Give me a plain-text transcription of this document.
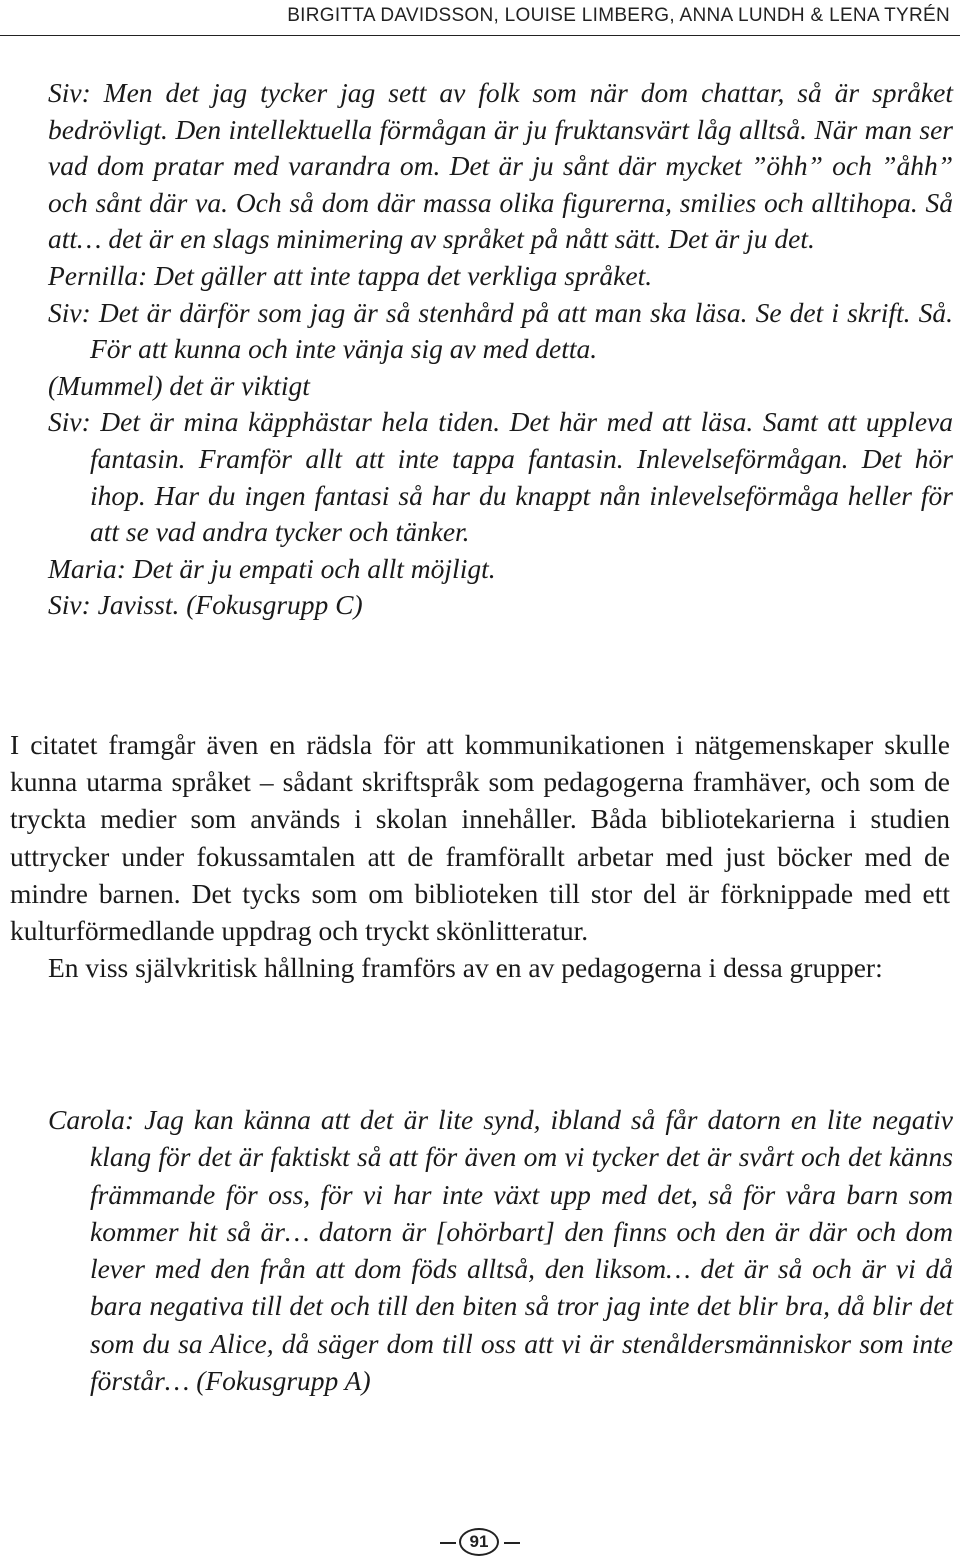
BIRGITTA DAVIDSSON, LOUISE LIMBERG, ANNA LUNDH & LENA TYRÉN

Siv: Men det jag tycker jag sett av folk som när dom chattar, så är språket bedrövligt. Den intellektuella förmågan är ju fruktansvärt låg alltså. När man ser vad dom pratar med varandra om. Det är ju sånt där mycket ”öhh” och ”åhh” och sånt där va. Och så dom där massa olika figurerna, smilies och alltihopa. Så att… det är en slags minimering av språket på nått sätt. Det är ju det.

Pernilla: Det gäller att inte tappa det verkliga språket.

Siv: Det är därför som jag är så stenhård på att man ska läsa. Se det i skrift. Så. För att kunna och inte vänja sig av med detta.

(Mummel) det är viktigt

Siv: Det är mina käpphästar hela tiden. Det här med att läsa. Samt att uppleva fantasin. Framför allt att inte tappa fantasin. Inlevelseförmågan. Det hör ihop. Har du ingen fantasi så har du knappt nån inlevelseförmåga heller för att se vad andra tycker och tänker.

Maria: Det är ju empati och allt möjligt.

Siv: Javisst. (Fokusgrupp C)

I citatet framgår även en rädsla för att kommunikationen i nätgemenskaper skulle kunna utarma språket – sådant skriftspråk som pedagogerna framhäver, och som de tryckta medier som används i skolan innehåller. Båda bibliotekarierna i studien uttrycker under fokussamtalen att de framförallt arbetar med just böcker med de mindre barnen. Det tycks som om biblioteken till stor del är förknippade med ett kulturförmedlande uppdrag och tryckt skönlitteratur.

En viss självkritisk hållning framförs av en av pedagogerna i dessa grupper:

Carola: Jag kan känna att det är lite synd, ibland så får datorn en lite negativ klang för det är faktiskt så att för även om vi tycker det är svårt och det känns främmande för oss, för vi har inte växt upp med det, så för våra barn som kommer hit så är… datorn är [ohörbart] den finns och den är där och dom lever med den från att dom föds alltså, den liksom… det är så och är vi då bara negativa till det och till den biten så tror jag inte det blir bra, då blir det som du sa Alice, då säger dom till oss att vi är stenåldersmänniskor som inte förstår… (Fokusgrupp A)

91
